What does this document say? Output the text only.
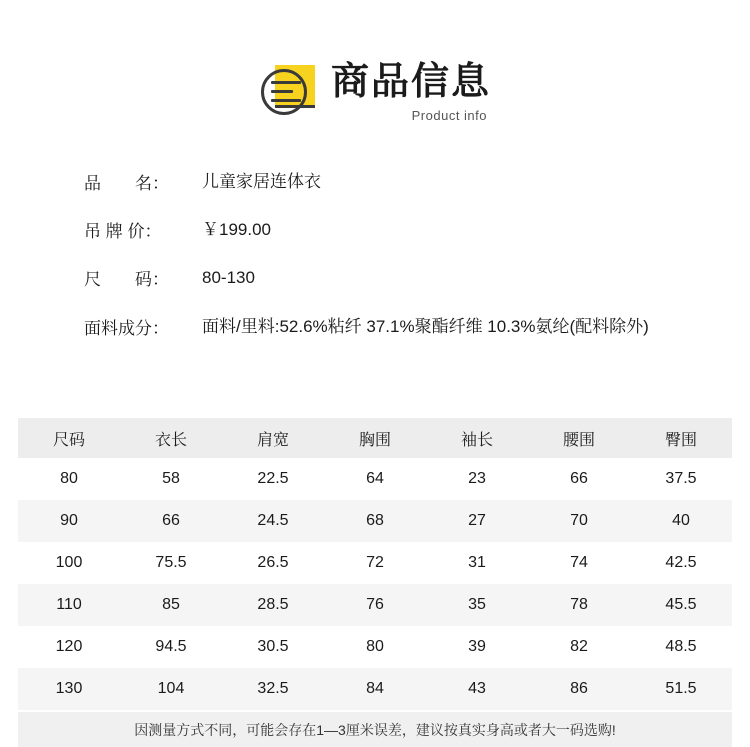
商品信息
Product info
品　　名：	儿童家居连体衣
吊 牌 价：	￥199.00
尺　　码：	80-130
面料成分：	面料/里料:52.6%粘纤 37.1%聚酯纤维 10.3%氨纶(配料除外)
尺码	衣长	肩宽	胸围	袖长	腰围	臀围
80	58	22.5	64	23	66	37.5
90	66	24.5	68	27	70	40
100	75.5	26.5	72	31	74	42.5
110	85	28.5	76	35	78	45.5
120	94.5	30.5	80	39	82	48.5
130	104	32.5	84	43	86	51.5
因测量方式不同，可能会存在1—3厘米误差，建议按真实身高或者大一码选购!
